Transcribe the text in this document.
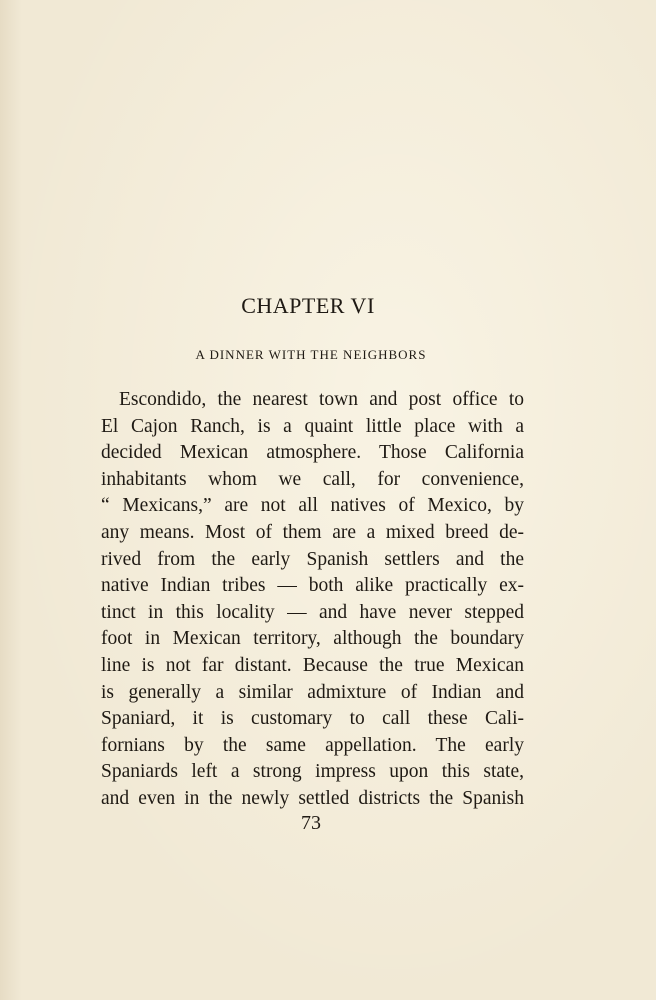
CHAPTER VI
A DINNER WITH THE NEIGHBORS
Escondido, the nearest town and post office to
El Cajon Ranch, is a quaint little place with a
decided Mexican atmosphere. Those California
inhabitants whom we call, for convenience,
“ Mexicans,” are not all natives of Mexico, by
any means. Most of them are a mixed breed de-
rived from the early Spanish settlers and the
native Indian tribes — both alike practically ex-
tinct in this locality — and have never stepped
foot in Mexican territory, although the boundary
line is not far distant. Because the true Mexican
is generally a similar admixture of Indian and
Spaniard, it is customary to call these Cali-
fornians by the same appellation. The early
Spaniards left a strong impress upon this state,
and even in the newly settled districts the Spanish
73
